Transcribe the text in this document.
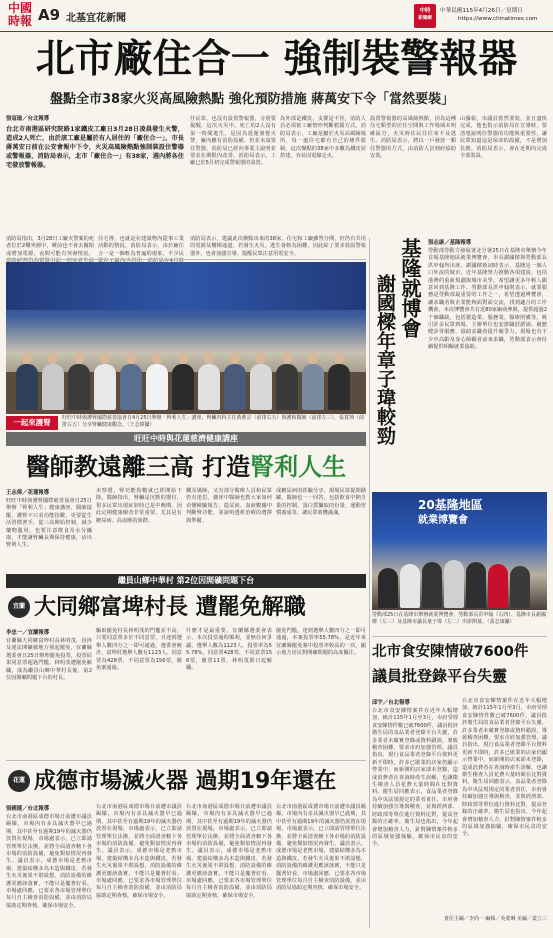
中國
時報 A9 北基宜花新聞
中時
新聞網
中華民國115年4月26日／星期日
https://www.chinatimes.com
北市廠住合一 強制裝警報器
盤點全市38家火災高風險熱點 強化預防措施 蔣萬安下令「當然要裝」
張寇瑜／台北報導
台北市南港區研究院路1家鐵皮工廠日3月28日凌晨發生火警，造成2人死亡，由於該工廠是屬於有人居住的「廠住合一」，市長蔣萬安日前在公安會報中下令，火災高風險熱點強制裝設住警器或警報器，消防局表示，北市「廠住合一」有38家，週內將各住宅發放警報器。
任民眾，也沒有設置警報器，寺別要提醒，這次火災中，死亡的2人沒有第一時間逃生，是因為延遲發覺火警，廠內雖有消防設備，但並未設置住警器，消防局已經向事業主說明並要求在期限內改善。消防局表示，工廠已於5月初完成警報器的設置。
為外部是鐵皮，支撐是不佳，消防人員必須依工廠情形判斷救援方式。消防局表示，工廠是屬於火災高風險場所，每一處住宅都有自己的條件限制，這次盤點的38家中多數為鐵皮屋搭建，容易因電線走火。
設置警報器的高風險熱點，因為這種住宅類型的居住空間與工作場域未明確區分，火災時住民往往來不及逃生。消防局表示，將以一戶發放一顆住警器的方式，由消防人員到府協助安裝。
山據報，市議員當然要裝，並且盡快完成，他也指示消防局在宣導時，要清楚說明住警器的功能與重要性，讓民眾知道這是保命的設備，不是增加負擔。消防局表示，會在近期內完成全部裝設。
消防局指出，3月28日工廠火警案的死者位於2樓夾層中，睡前也不會去關閉或增加電源，夜間可能有突發情況，
住宅裡，也就是在建築物內從事工業活動的情況。消防局表示，由於廠住合一是一個較為普遍的現象，不少民
消防局表示，建議此次盤點出來的38家，住宅和工廠雖然分開，但仍有共用的電源及樓梯通道，若發生火災，逃生會較為困難，因此除了要求裝設警報器外，也會加強宣導，提醒民眾注意用電安全。
一起來護腎	旺旺中時與護腎國際慈善協會日4月25日舉辦「腎利人生」講座，腎臟內科主任黃胜宗（前排右五）與護和醫師（前排左三），張賀翔（前排右五）分享腎臟健康觀念。（王志偉攝）
旺旺中時與花蓮慈濟健康講座
醫師教遠離三高 打造腎利人生
王志偉／花蓮報導
旺旺中時與護腎國際慈善協會日25日舉辦「腎利人生」健康講座，醫師提醒，護腎不只看功能指數，更要從生活習慣著手，從三高開始控制，減少藥物濫用，也要注意飲食及水分攝取，才能讓腎臟長期保持健康，活出腎利人生。
未察覺，腎功能指數就已經開始下降。醫師指出，腎臟是沉默的器官，很多民眾出現症狀時已是中晚期，因此定期健康檢查非常重要，尤其是有糖尿病、高血壓的族群。
鐵及風險，又有部分醫療人員和民眾仍有迷思。講座中醫師也教大家如何看懂檢驗報告，從尿液、血液數據中判斷腎功能，並說明透析治療的選擇與準備。
成糖尿病的經驗分享，現場民眾提問踴躍，醫師也一一回答，包括飲食中鈉含量的控制、蛋白質攝取的份量、運動習慣養成等，讓民眾收穫滿滿。
基隆就博會
謝國樑年章子瑋較勁
張志康／基隆報導
勞動部勞動力發展署北分署25日在基隆市舉辦今年首場基隆地區就業博覽會，市長謝國樑與勞動部長洪申翰均出席。謝國樑致詞時表示，基隆是一個人口外流的城市，近年基隆努力推動各項建設，包括港灣的重新規劃與城市美學，希望讓更多年輕人願意回到基隆工作。勞動部長洪申翰則表示，就業服務是勞動部最重要的工作之一，希望透過博覽會，讓求職者與企業能夠面對面交流，找到適合的工作機會。本次博覽會共有近80家廠商參與，提供超過2千個職缺，包括製造業、服務業、醫療照護等，吸引許多民眾到場。主辦單位也安排職涯諮詢、履歷健診等服務，協助求職者提升競爭力。現場也有不少中高齡及身心障礙者前來求職，勞動部表示會持續提供相關就業協助。
20基隆地區
就業博覽會
勞動部25日在基隆市舉辦就業博覽會，勞動部長洪申翰（右四）、基隆市長謝國樑（左三）及基隆市議長童子瑋（左二）出席開幕。（張志康攝）
繼員山鄉中華村 第2位因開礦問題下台
宜蘭 大同鄉富埤村長 遭罷免解職
李忠一／宜蘭報導
宜蘭縣大同鄉富埤村長林明茂，因涉及違法開礦被地方發起罷免，宜蘭縣選委會日25日辦理罷免投票，投票結果同意票超過門檻，林明茂遭罷免解職，成為繼員山鄉中華村長後，第2位因開礦問題下台的村長。
驅取罷免村長林明茂的門檻並不高，只要同意票多於不同意票，且達到選舉人數四分之一即可通過，選委會統計，富埤村選舉人數有1123人，同意票為428票，不同意票為156票，罷免案通過。
什麼才是最重要，宜蘭縣選委會表示，本次投票過程順利，並無任何爭議，選舉人數為1123人，投票率為55.78%，同意票428票，不同意票156票，廢票11票，林明茂即日起解職。
罷免門檻，達到選舉人數四分之一即可通過，本案投票率55.78%，是近年來宜蘭縣罷免案中投票率較高的一次，顯示地方居民對開礦問題的高度關注。
花蓮 成德市場滅火器 過期19年還在
張國運／台北報導
台北市南港區成德市場日前遭市議員踢爆，市場內有多具滅火器早已過期，其中甚至有過期19年的滅火器仍放置在現場，市場處表示，已立即請管理單位汰換，並將全面清查轄下各市場的消防設備，避免類似情況再發生。議員表示，成德市場是老舊市場，建築結構多為木造與鐵皮，若發生火災後果不堪設想，消防設備的維護更應該落實，不能只是擺著好看。市場處回應，已要求各市場管理單位每月自主檢查消防設備，並由消防局協助定期查核，確保市場安全。
台北市南港區成德市場日前遭市議員踢爆，市場內有多具滅火器早已過期，其中甚至有過期19年的滅火器仍放置在現場，市場處表示，已立即請管理單位汰換，並將全面清查轄下各市場的消防設備，避免類似情況再發生。議員表示，成德市場是老舊市場，建築結構多為木造與鐵皮，若發生火災後果不堪設想，消防設備的維護更應該落實，不能只是擺著好看。市場處回應，已要求各市場管理單位每月自主檢查消防設備，並由消防局協助定期查核，確保市場安全。
台北市南港區成德市場日前遭市議員踢爆，市場內有多具滅火器早已過期，其中甚至有過期19年的滅火器仍放置在現場，市場處表示，已立即請管理單位汰換，並將全面清查轄下各市場的消防設備，避免類似情況再發生。議員表示，成德市場是老舊市場，建築結構多為木造與鐵皮，若發生火災後果不堪設想，消防設備的維護更應該落實，不能只是擺著好看。市場處回應，已要求各市場管理單位每月自主檢查消防設備，並由消防局協助定期查核，確保市場安全。
台北市南港區成德市場日前遭市議員踢爆，市場內有多具滅火器早已過期，其中甚至有過期19年的滅火器仍放置在現場，市場處表示，已立即請管理單位汰換，並將全面清查轄下各市場的消防設備，避免類似情況再發生。議員表示，成德市場是老舊市場，建築結構多為木造與鐵皮，若發生火災後果不堪設想，消防設備的維護更應該落實，不能只是擺著好看。市場處回應，已要求各市場管理單位每月自主檢查消防設備，並由消防局協助定期查核，確保市場安全。
北市食安陳情破7600件
議員批登錄平台失靈
邱宇／台北報導
台北市食安陳情案件在近年大幅增加，統計115年1月至3月，市府受理食安陳情件數已破7600件，議員批評衛生局的食品業者登錄平台失靈，許多業者未確實登錄或資料錯誤，導致稽查困難，要求市府加強管理。議員指出，現行食品業者登錄平台資料更新不即時，許多已歇業的店家仍顯示營業中，而新開的店家卻未登錄，造成消費者在查詢時產生誤解，也讓衛生稽查人員花費大量時間在比對資料。衛生局回應表示，食品業者登錄為中央法規規定的業者責任，市府會持續加強宣導與稽查，並與經濟部、財政部等單位進行資料比對，提高登錄的正確率。衛生局也指出，今年起會增加稽查人力，針對陳情案件較多的區域加強抽驗，確保市民食的安全。
台北市食安陳情案件在近年大幅增加，統計115年1月至3月，市府受理食安陳情件數已破7600件，議員批評衛生局的食品業者登錄平台失靈，許多業者未確實登錄或資料錯誤，導致稽查困難，要求市府加強管理。議員指出，現行食品業者登錄平台資料更新不即時，許多已歇業的店家仍顯示營業中，而新開的店家卻未登錄，造成消費者在查詢時產生誤解，也讓衛生稽查人員花費大量時間在比對資料。衛生局回應表示，食品業者登錄為中央法規規定的業者責任，市府會持續加強宣導與稽查，並與經濟部、財政部等單位進行資料比對，提高登錄的正確率。衛生局也指出，今年起會增加稽查人力，針對陳情案件較多的區域加強抽驗，確保市民食的安全。
責任主編／李尚一 編輯／吳蒙琳 美編／裴立三
